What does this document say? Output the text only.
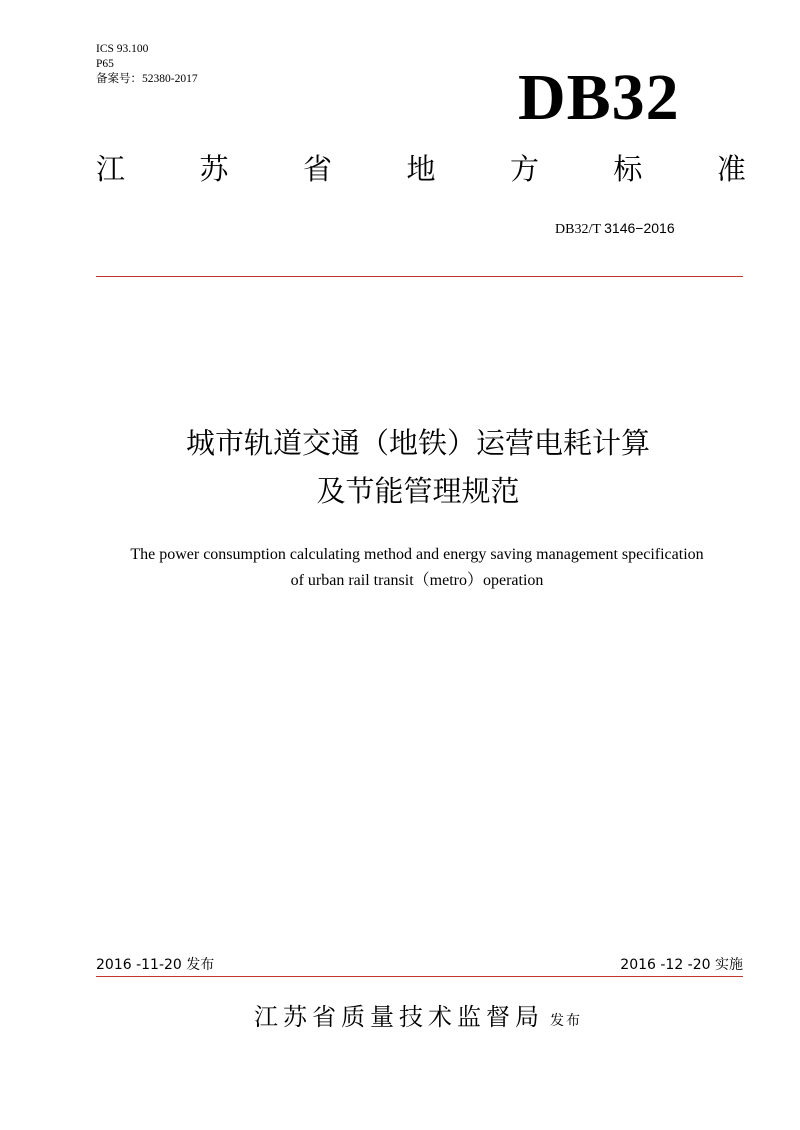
ICS 93.100
P65
备案号：52380-2017	DB32
江	苏	省	地	方	标	准
DB32/T 3146−2016
城市轨道交通（地铁）运营电耗计算
及节能管理规范
The power consumption calculating method and energy saving management specification
of urban rail transit（metro）operation
2016 -11-20 发布	2016 -12 -20 实施
江苏省质量技术监督局 发布
